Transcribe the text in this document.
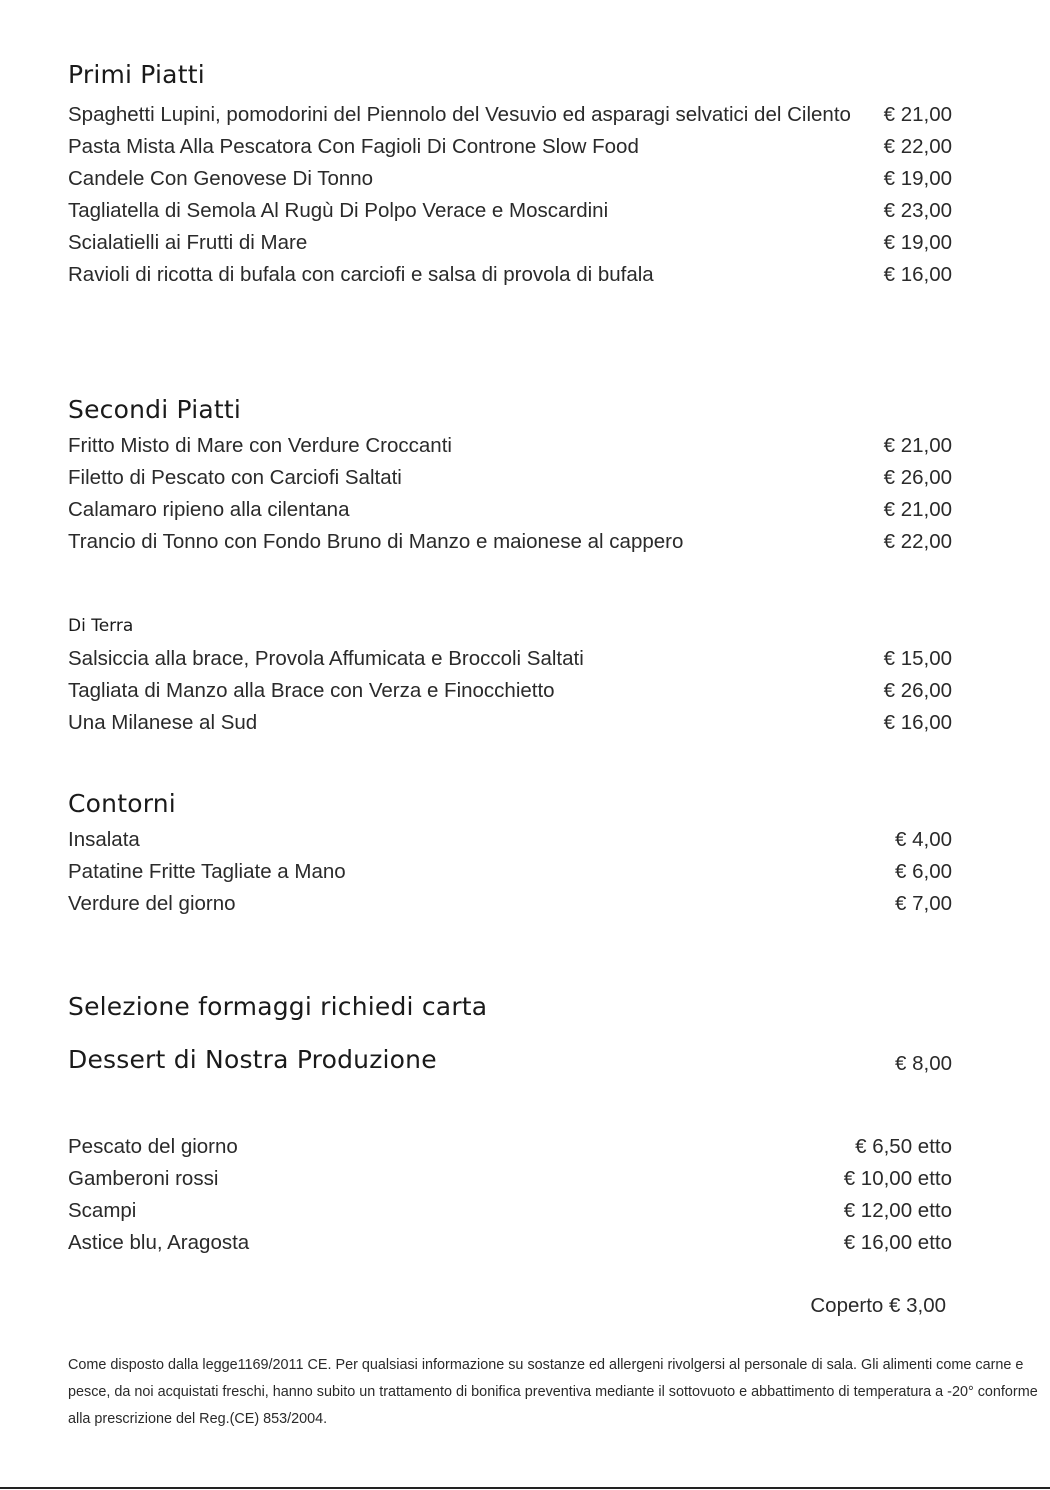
Primi Piatti
Spaghetti Lupini, pomodorini del Piennolo del Vesuvio ed asparagi selvatici del Cilento € 21,00
Pasta Mista Alla Pescatora Con Fagioli Di Controne Slow Food	€ 22,00
Candele Con Genovese Di Tonno	€ 19,00
Tagliatella di Semola Al Rugù Di Polpo Verace e Moscardini	€ 23,00
Scialatielli ai Frutti di Mare	€ 19,00
Ravioli di ricotta di bufala con carciofi e salsa di provola di bufala	€ 16,00
Secondi Piatti
Fritto Misto di Mare con Verdure Croccanti	€ 21,00
Filetto di Pescato con Carciofi Saltati	€ 26,00
Calamaro ripieno alla cilentana	€ 21,00
Trancio di Tonno con Fondo Bruno di Manzo e maionese al cappero	€ 22,00
Di Terra
Salsiccia alla brace, Provola Affumicata e Broccoli Saltati	€ 15,00
Tagliata di Manzo alla Brace con Verza e Finocchietto	€ 26,00
Una Milanese al Sud	€ 16,00
Contorni
Insalata	€ 4,00
Patatine Fritte Tagliate a Mano	€ 6,00
Verdure del giorno	€ 7,00
Selezione formaggi richiedi carta
Dessert di Nostra Produzione	€ 8,00
Pescato del giorno	€ 6,50 etto
Gamberoni rossi	€ 10,00 etto
Scampi	€ 12,00 etto
Astice blu, Aragosta	€ 16,00 etto
Coperto € 3,00
Come disposto dalla legge1169/2011 CE. Per qualsiasi informazione su sostanze ed allergeni rivolgersi al personale di sala. Gli alimenti come carne e pesce, da noi acquistati freschi, hanno subito un trattamento di bonifica preventiva mediante il sottovuoto e abbattimento di temperatura a -20° conforme alla prescrizione del Reg.(CE) 853/2004.
